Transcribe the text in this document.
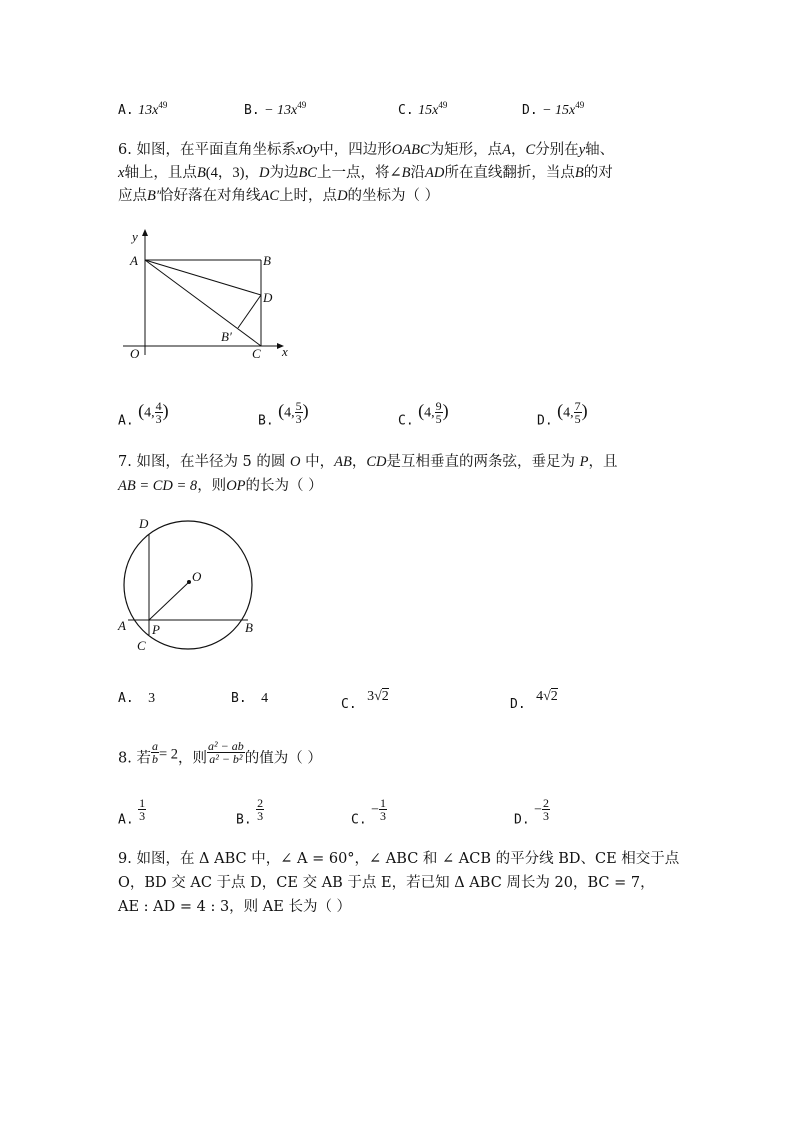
A. $13x^{49}$	B. − $13x^{49}$	C. $15x^{49}$	D. − $15x^{49}$
6. 如图，在平面直角坐标系xOy中，四边形OABC为矩形，点A，C分别在y轴、
x轴上，且点B(4，3)，D为边BC上一点，将∠B沿AD所在直线翻折，当点B的对
应点B′恰好落在对角线AC上时，点D的坐标为（ ）
y
x
O
A	B
D
B′
C
A. (4, $\frac{4}{3}$ )
B. (4, $\frac{5}{3}$ )
C. (4, $\frac{9}{5}$ )
D. (4, $\frac{7}{5}$ )
7. 如图，在半径为 5 的圆 O 中，AB，CD是互相垂直的两条弦，垂足为 P，且
AB = CD = 8，则OP的长为（ ）
D
O
A P	B
C
A. 3	B. 4	C. 3√2
D. 4√2
8. 若 $\frac{a}{b} = 2$，则 $\frac{\text{a² − ab}}{\text{a² − b²}}$ 的值为（ ）
A. $\frac{1}{3}$	B. $\frac{2}{3}$	C. − $\frac{1}{3}$	D. − $\frac{2}{3}$
9. 如图，在 Δ ABC 中，∠ A = 60°，∠ ABC 和 ∠ ACB 的平分线 BD、CE 相交于点
O，BD 交 AC 于点 D，CE 交 AB 于点 E，若已知 Δ ABC 周长为 20，BC = 7，
AE : AD = 4 : 3，则 AE 长为（ ）
